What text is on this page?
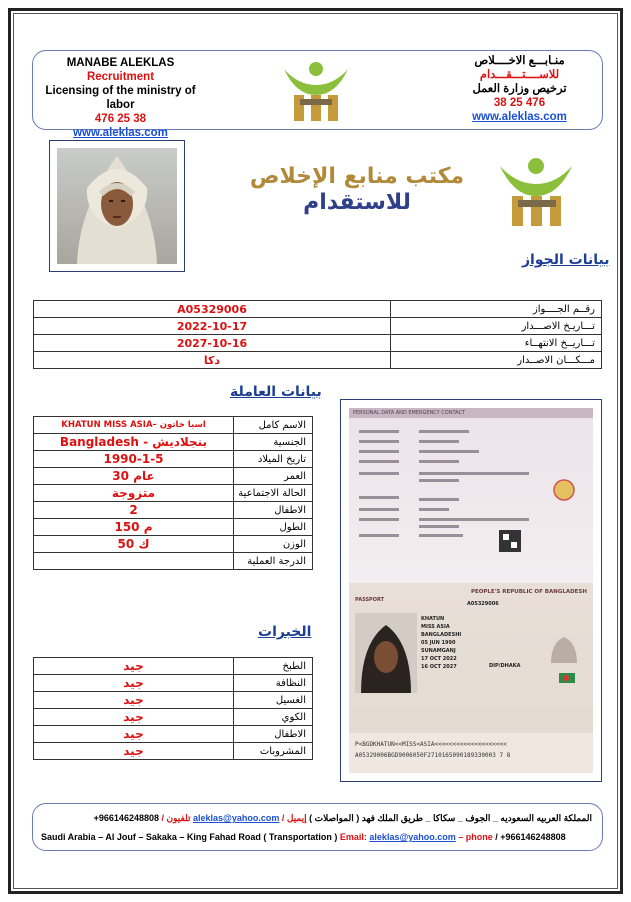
MANABE ALEKLAS
Recruitment
Licensing of the ministry of labor
476 25 38
www.aleklas.com
منـابـــع الاخــــلاص
للاســــتـــقـــدام
ترخيص وزارة العمل
476 25 38
www.aleklas.com
مكتب منابع الإخلاص
للاستقدام
بيانات الجواز
A05329006	رقــم الجــــواز
2022-10-17	تـــاريـخ الاصـــدار
2027-10-16	تـــاريــخ الانتهــاء
دكا	مـــكـــان الاصــدار
بيانات العاملة
KHATUN MISS ASIA– اسيا خاتون	الاسم كامل
Bangladesh - بنجلاديش	الجنسية
1990-1-5	تاريخ الميلاد
30 عام	العمر
متزوجة	الحالة الاجتماعية
2	الاطفال
150 م	الطول
50 ك	الوزن
	الدرجة العملية
الخبرات
جيد	الطبخ
جيد	النظافة
جيد	الغسيل
جيد	الكوي
جيد	الاطفال
جيد	المشروبات
PERSONAL DATA AND EMERGENCY CONTACT
PEOPLE'S REPUBLIC OF BANGLADESH
PASSPORT
A05329006
KHATUN
MISS ASIA
BANGLADESHI
05 JUN 1990
SUNAMGANJ
17 OCT 2022
16 OCT 2027	DIP/DHAKA
P<BGDKHATUN<<MISS<ASIA<<<<<<<<<<<<<<<<<<<<
A05329006BGD9006050F2710165090189330003 7 8
المملكة العربيه السعوديه _ الجوف _ سكاكا _ طريق الملك فهد ( المواصلات ) إيميل / aleklas@yahoo.com تلفيون / +966146248808
Saudi Arabia – Al Jouf – Sakaka – King Fahad Road ( Transportation ) Email: aleklas@yahoo.com – phone / +966146248808
